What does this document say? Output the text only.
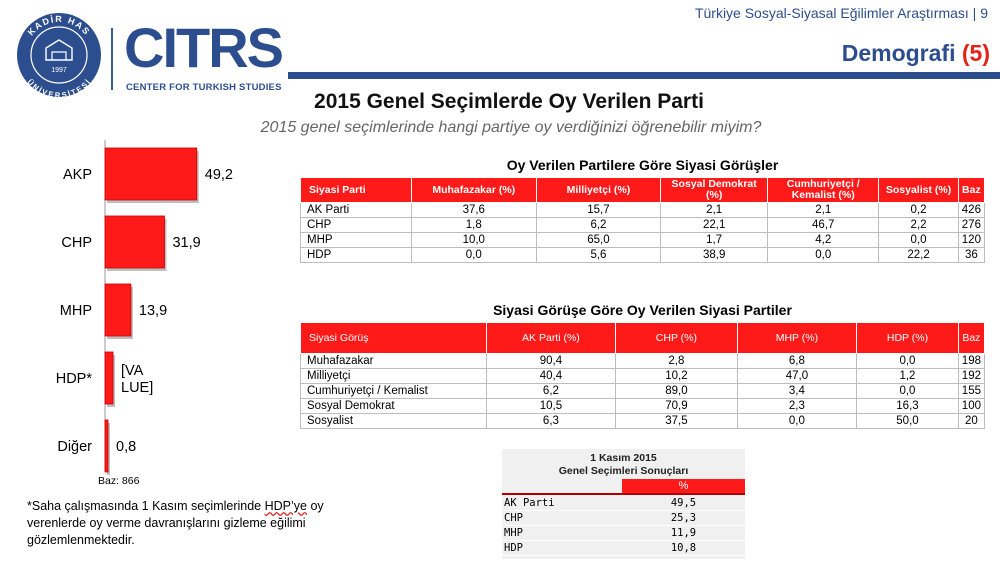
KADİR HAS
ÜNİVERSİTESİ
1997 CITRS
CENTER FOR TURKISH STUDIES
Türkiye Sosyal-Siyasal Eğilimler Araştırması | 9
Demografi (5)
2015 Genel Seçimlerde Oy Verilen Parti
2015 genel seçimlerinde hangi partiye oy verdiğinizi öğrenebilir miyim?
AKP	49,2
CHP	31,9
MHP	13,9
HDP* [VA LUE]
Diğer 0,8
Baz: 866
*Saha çalışmasında 1 Kasım seçimlerinde HDP’ye oy verenlerde oy verme davranışlarını gizleme eğilimi gözlemlenmektedir.
Oy Verilen Partilere Göre Siyasi Görüşler
Siyasi Parti	Muhafazakar (%)	Milliyetçi (%)	Sosyal Demokrat (%)	Cumhuriyetçi / Kemalist (%)	Sosyalist (%)	Baz
AK Parti	37,6	15,7	2,1	2,1	0,2	426
CHP	1,8	6,2	22,1	46,7	2,2	276
MHP	10,0	65,0	1,7	4,2	0,0	120
HDP	0,0	5,6	38,9	0,0	22,2	36
Siyasi Görüşe Göre Oy Verilen Siyasi Partiler
Siyasi Görüş	AK Parti (%)	CHP (%)	MHP (%)	HDP (%)	Baz
Muhafazakar	90,4	2,8	6,8	0,0	198
Milliyetçi	40,4	10,2	47,0	1,2	192
Cumhuriyetçi / Kemalist	6,2	89,0	3,4	0,0	155
Sosyal Demokrat	10,5	70,9	2,3	16,3	100
Sosyalist	6,3	37,5	0,0	50,0	20
1 Kasım 2015
Genel Seçimleri Sonuçları
%
AK Parti	49,5
CHP	25,3
MHP	11,9
HDP	10,8
